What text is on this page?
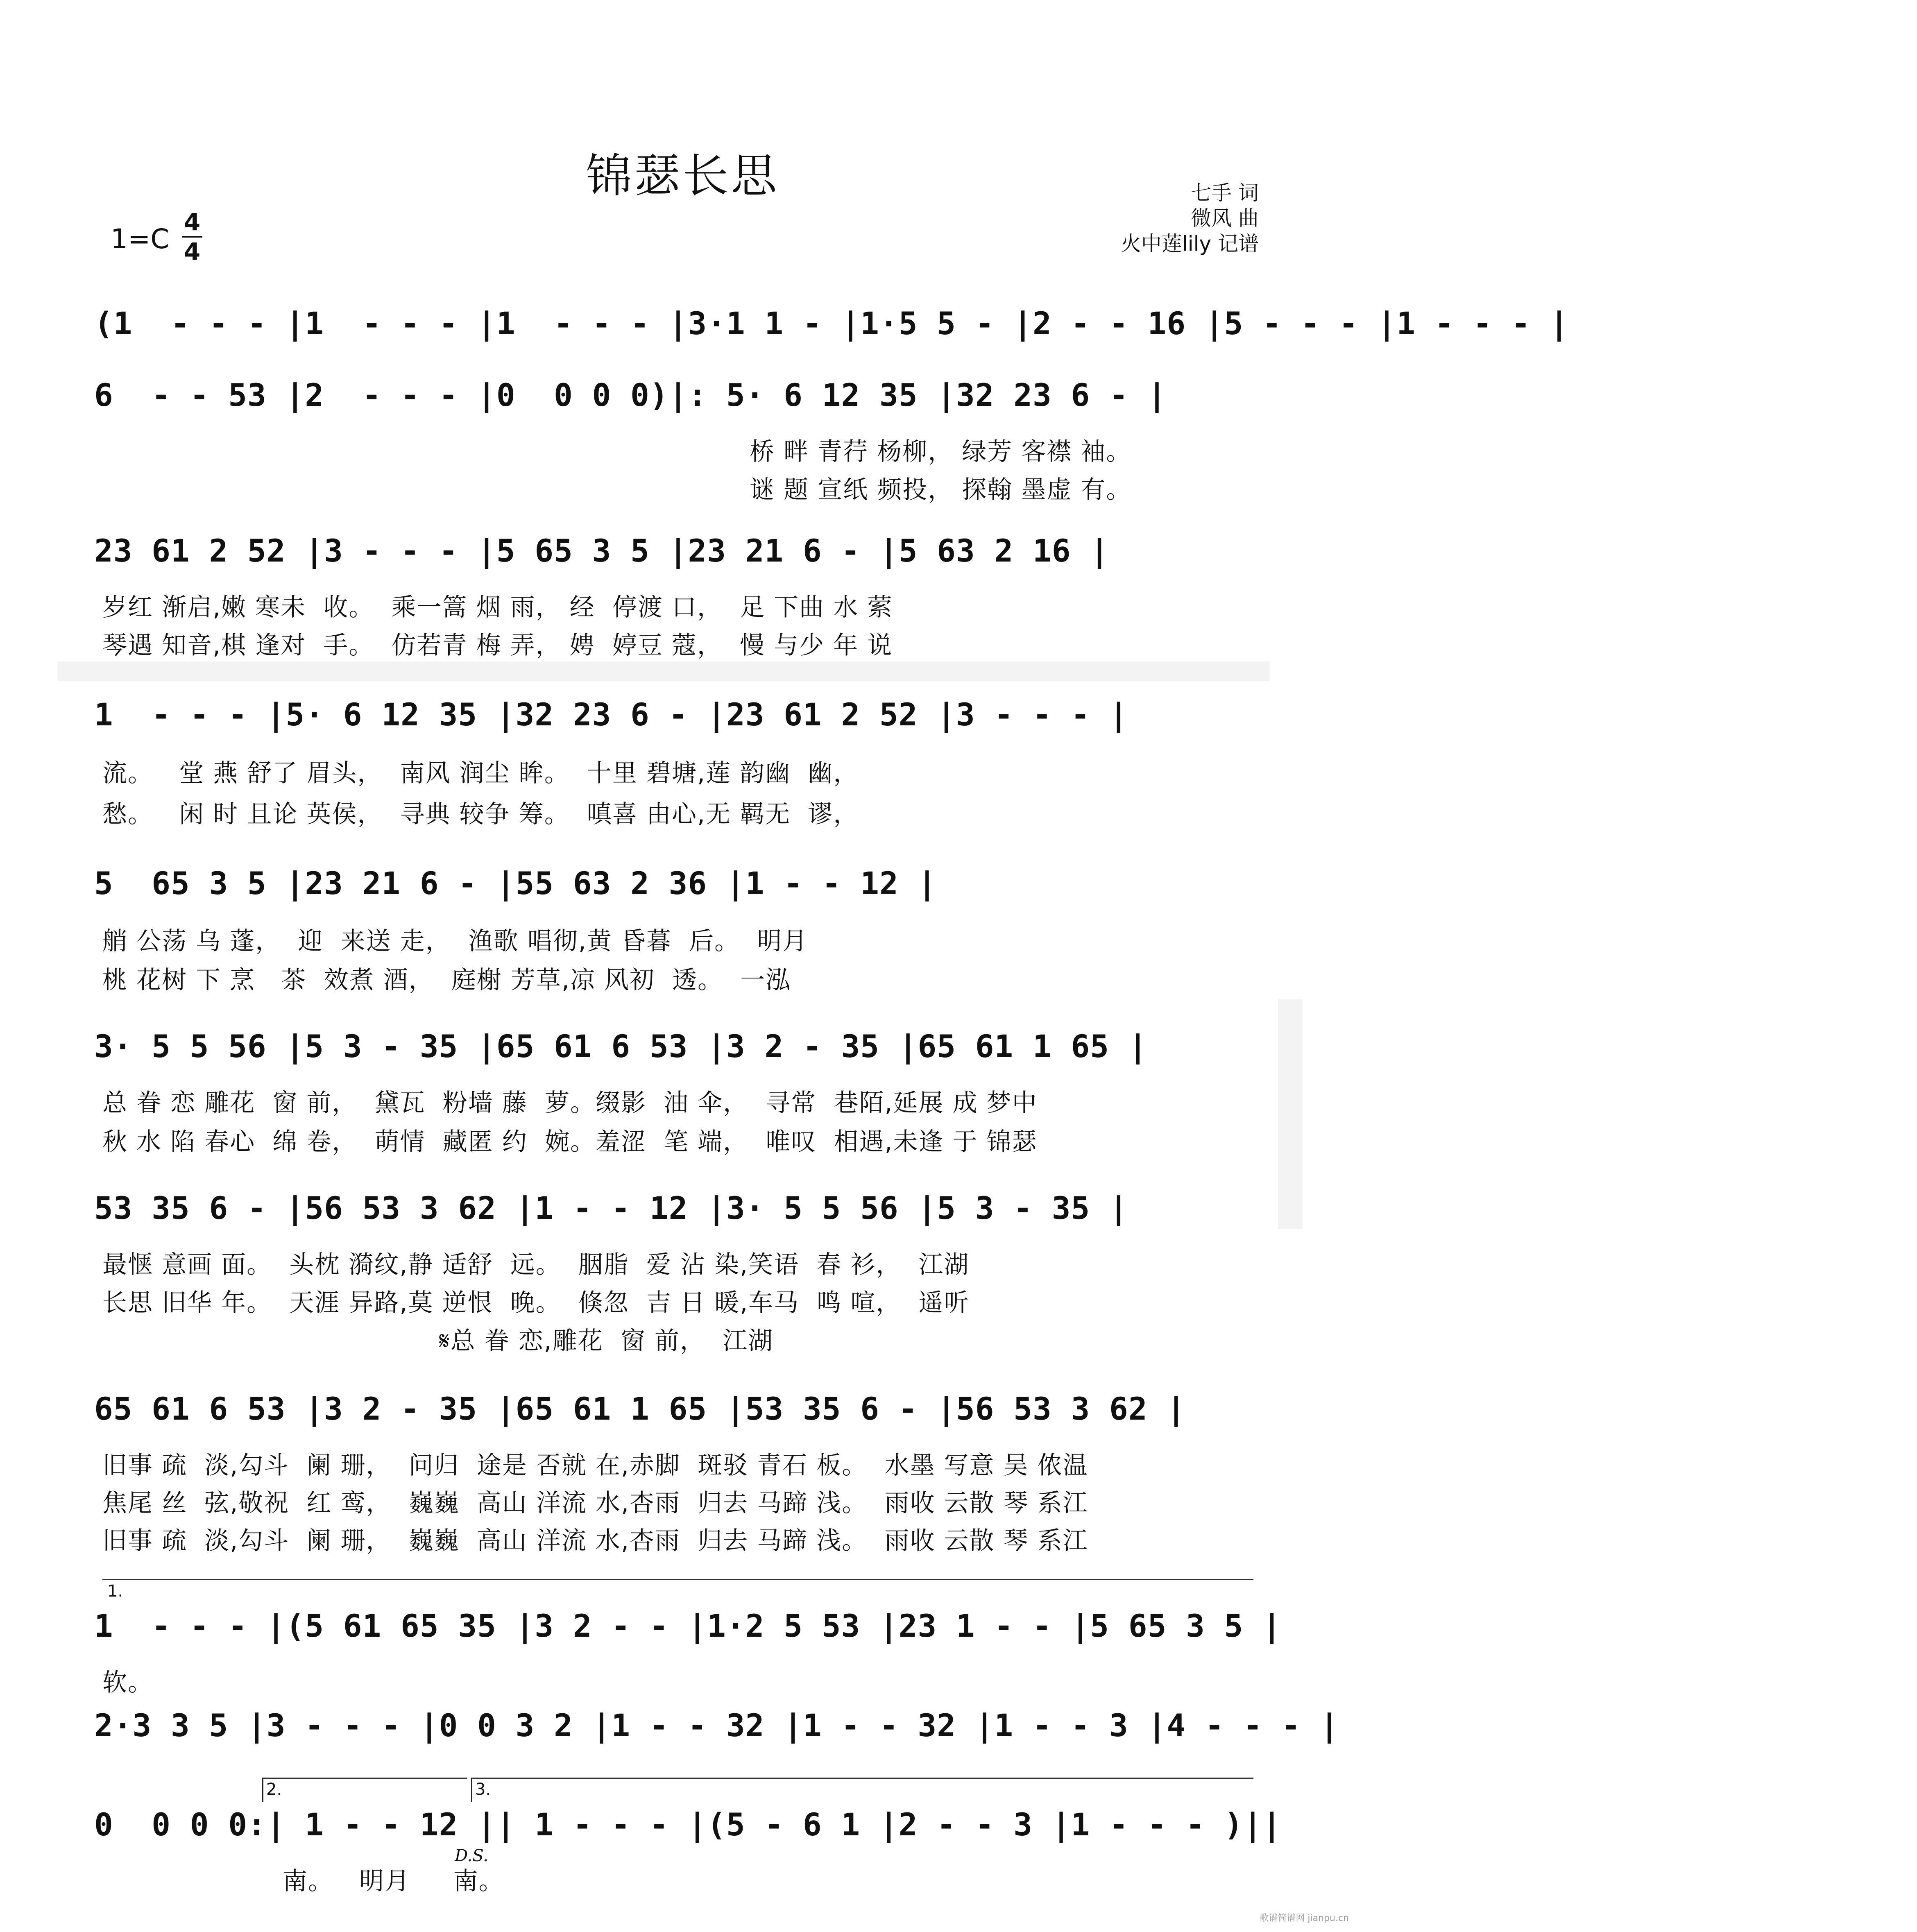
锦瑟长思	七手 词
微风 曲
火中莲lily 记谱
1=C
4
4
(1  - - - |1  - - - |1  - - - |3·1 1 - |1·5 5 - |2 - - 16 |5 - - - |1 - - - |
6  - - 53 |2  - - - |0  0 0 0)|: 5· 6 12 35 |32 23 6 - |
桥 畔 青荇 杨柳， 绿芳 客襟 袖。
谜 题 宣纸 频投， 探翰 墨虚 有。
23 61 2 52 |3 - - - |5 65 3 5 |23 21 6 - |5 63 2 16 |
岁红 渐启,嫩 寒未  收。  乘一篙 烟 雨， 经  停渡 口，  足 下曲 水 萦
琴遇 知音,棋 逢对  手。  仿若青 梅 弄， 娉  婷豆 蔻，  慢 与少 年 说
1  - - - |5· 6 12 35 |32 23 6 - |23 61 2 52 |3 - - - |
流。   堂 燕 舒了 眉头，  南风 润尘 眸。  十里 碧塘,莲 韵幽  幽，
愁。   闲 时 且论 英侯，  寻典 较争 筹。  嗔喜 由心,无 羁无  谬，
5  65 3 5 |23 21 6 - |55 63 2 36 |1 - - 12 |
艄 公荡 乌 蓬，  迎  来送 走，  渔歌 唱彻,黄 昏暮  后。  明月
桃 花树 下 烹   茶  效煮 酒，  庭榭 芳草,凉 风初  透。  一泓
3· 5 5 56 |5 3 - 35 |65 61 6 53 |3 2 - 35 |65 61 1 65 |
总 眷 恋 雕花  窗 前，  黛瓦  粉墙 藤  萝。缀影  油 伞，  寻常  巷陌,延展 成 梦中
秋 水 陷 春心  绵 卷，  萌情  藏匿 约  婉。羞涩  笔 端，  唯叹  相遇,未逢 于 锦瑟
53 35 6 - |56 53 3 62 |1 - - 12 |3· 5 5 56 |5 3 - 35 |
最惬 意画 面。  头枕 漪纹,静 适舒  远。  胭脂  爱 沾 染,笑语  春 衫，  江湖
长思 旧华 年。  天涯 异路,莫 逆恨  晚。  倏忽  吉 日 暖,车马  鸣 喧，  遥听
𝄋总 眷 恋,雕花  窗 前，  江湖
65 61 6 53 |3 2 - 35 |65 61 1 65 |53 35 6 - |56 53 3 62 |
旧事 疏  淡,勾斗  阑 珊，  问归  途是 否就 在,赤脚  斑驳 青石 板。  水墨 写意 吴 侬温
焦尾 丝  弦,敬祝  红 鸾，  巍巍  高山 洋流 水,杏雨  归去 马蹄 浅。  雨收 云散 琴 系江
旧事 疏  淡,勾斗  阑 珊，  巍巍  高山 洋流 水,杏雨  归去 马蹄 浅。  雨收 云散 琴 系江
1.
1  - - - |(5 61 65 35 |3 2 - - |1·2 5 53 |23 1 - - |5 65 3 5 |
软。
2·3 3 5 |3 - - - |0 0 3 2 |1 - - 32 |1 - - 32 |1 - - 3 |4 - - - |
2.	3.
0  0 0 0:| 1 - - 12 || 1 - - - |(5 - 6 1 |2 - - 3 |1 - - - )||
D.S.
南。   明月     南。
歌谱简谱网 jianpu.cn
